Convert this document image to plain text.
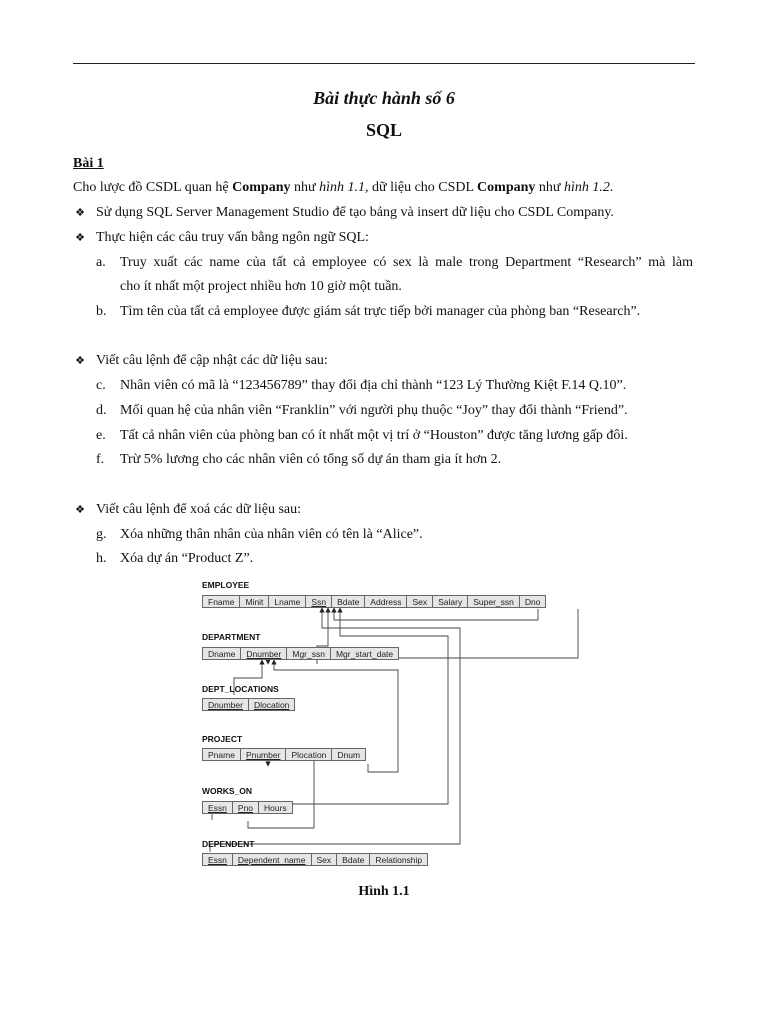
Bài thực hành số 6
SQL
Bài 1
Cho lược đồ CSDL quan hệ Company như hình 1.1, dữ liệu cho CSDL Company như hình 1.2.
❖ Sử dụng SQL Server Management Studio để tạo bảng và insert dữ liệu cho CSDL Company.
❖ Thực hiện các câu truy vấn bằng ngôn ngữ SQL:
a. Truy xuất các name của tất cả employee có sex là male trong Department “Research” mà làm
cho ít nhất một project nhiều hơn 10 giờ một tuần.
b. Tìm tên của tất cả employee được giám sát trực tiếp bởi manager của phòng ban “Research”.
❖ Viết câu lệnh để cập nhật các dữ liệu sau:
c. Nhân viên có mã là “123456789” thay đổi địa chỉ thành “123 Lý Thường Kiệt F.14 Q.10”.
d. Mối quan hệ của nhân viên “Franklin” với người phụ thuộc “Joy” thay đổi thành “Friend”.
e. Tất cả nhân viên của phòng ban có ít nhất một vị trí ở “Houston” được tăng lương gấp đôi.
f. Trừ 5% lương cho các nhân viên có tổng số dự án tham gia ít hơn 2.
❖ Viết câu lệnh để xoá các dữ liệu sau:
g. Xóa những thân nhân của nhân viên có tên là “Alice”.
h. Xóa dự án “Product Z”.
EMPLOYEE
Fname	Minit	Lname	Ssn	Bdate	Address	Sex	Salary	Super_ssn	Dno
DEPARTMENT
Dname	Dnumber	Mgr_ssn	Mgr_start_date
DEPT_LOCATIONS
Dnumber	Dlocation
PROJECT
Pname	Pnumber	Plocation	Dnum
WORKS_ON
Essn	Pno	Hours
DEPENDENT
Essn	Dependent_name	Sex	Bdate	Relationship
Hình 1.1
